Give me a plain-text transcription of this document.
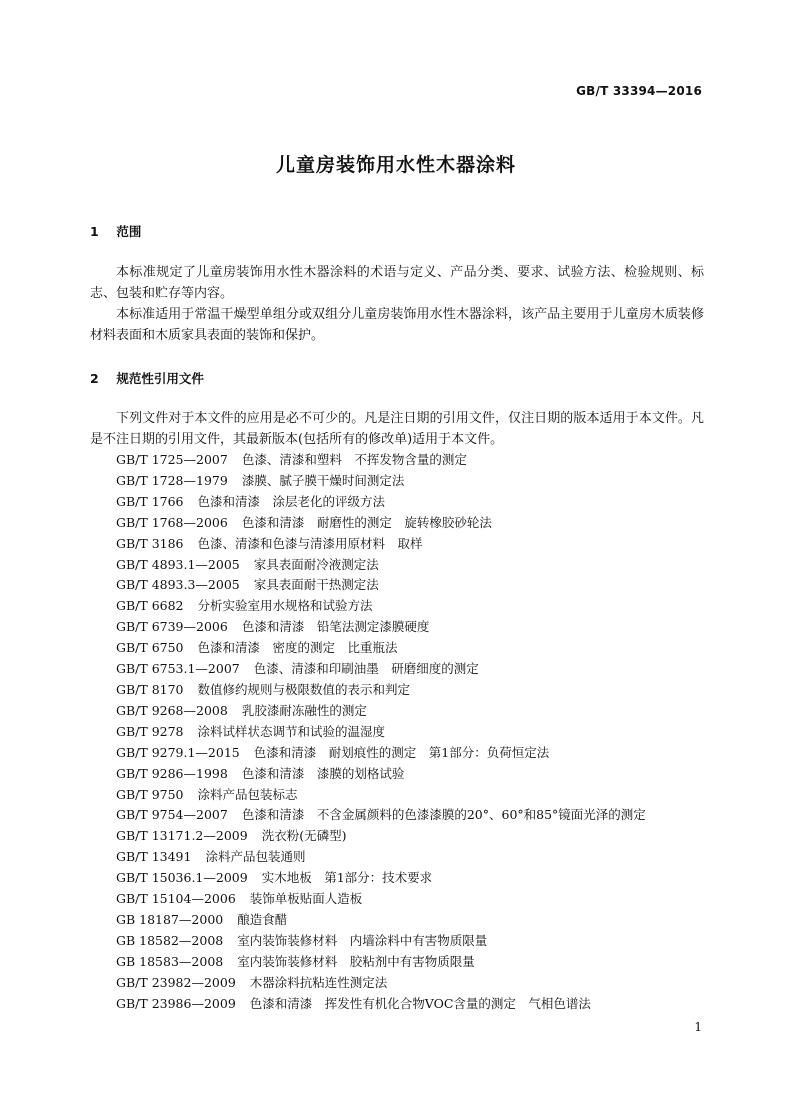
GB/T 33394—2016
儿童房装饰用水性木器涂料
1 范围

本标准规定了儿童房装饰用水性木器涂料的术语与定义、产品分类、要求、试验方法、检验规则、标志、包装和贮存等内容。

本标准适用于常温干燥型单组分或双组分儿童房装饰用水性木器涂料，该产品主要用于儿童房木质装修材料表面和木质家具表面的装饰和保护。

2 规范性引用文件

下列文件对于本文件的应用是必不可少的。凡是注日期的引用文件，仅注日期的版本适用于本文件。凡是不注日期的引用文件，其最新版本(包括所有的修改单)适用于本文件。

GB/T 1725—2007 色漆、清漆和塑料　不挥发物含量的测定
GB/T 1728—1979 漆膜、腻子膜干燥时间测定法
GB/T 1766 色漆和清漆　涂层老化的评级方法
GB/T 1768—2006 色漆和清漆　耐磨性的测定　旋转橡胶砂轮法
GB/T 3186 色漆、清漆和色漆与清漆用原材料　取样
GB/T 4893.1—2005 家具表面耐冷液测定法
GB/T 4893.3—2005 家具表面耐干热测定法
GB/T 6682 分析实验室用水规格和试验方法
GB/T 6739—2006 色漆和清漆　铅笔法测定漆膜硬度
GB/T 6750 色漆和清漆　密度的测定　比重瓶法
GB/T 6753.1—2007 色漆、清漆和印刷油墨　研磨细度的测定
GB/T 8170 数值修约规则与极限数值的表示和判定
GB/T 9268—2008 乳胶漆耐冻融性的测定
GB/T 9278 涂料试样状态调节和试验的温湿度
GB/T 9279.1—2015 色漆和清漆　耐划痕性的测定　第1部分：负荷恒定法
GB/T 9286—1998 色漆和清漆　漆膜的划格试验
GB/T 9750 涂料产品包装标志
GB/T 9754—2007 色漆和清漆　不含金属颜料的色漆漆膜的20°、60°和85°镜面光泽的测定
GB/T 13171.2—2009 洗衣粉(无磷型)
GB/T 13491 涂料产品包装通则
GB/T 15036.1—2009 实木地板　第1部分：技术要求
GB/T 15104—2006 装饰单板贴面人造板
GB 18187—2000 酿造食醋
GB 18582—2008 室内装饰装修材料　内墙涂料中有害物质限量
GB 18583—2008 室内装饰装修材料　胶粘剂中有害物质限量
GB/T 23982—2009 木器涂料抗粘连性测定法
GB/T 23986—2009 色漆和清漆　挥发性有机化合物VOC含量的测定　气相色谱法
1
